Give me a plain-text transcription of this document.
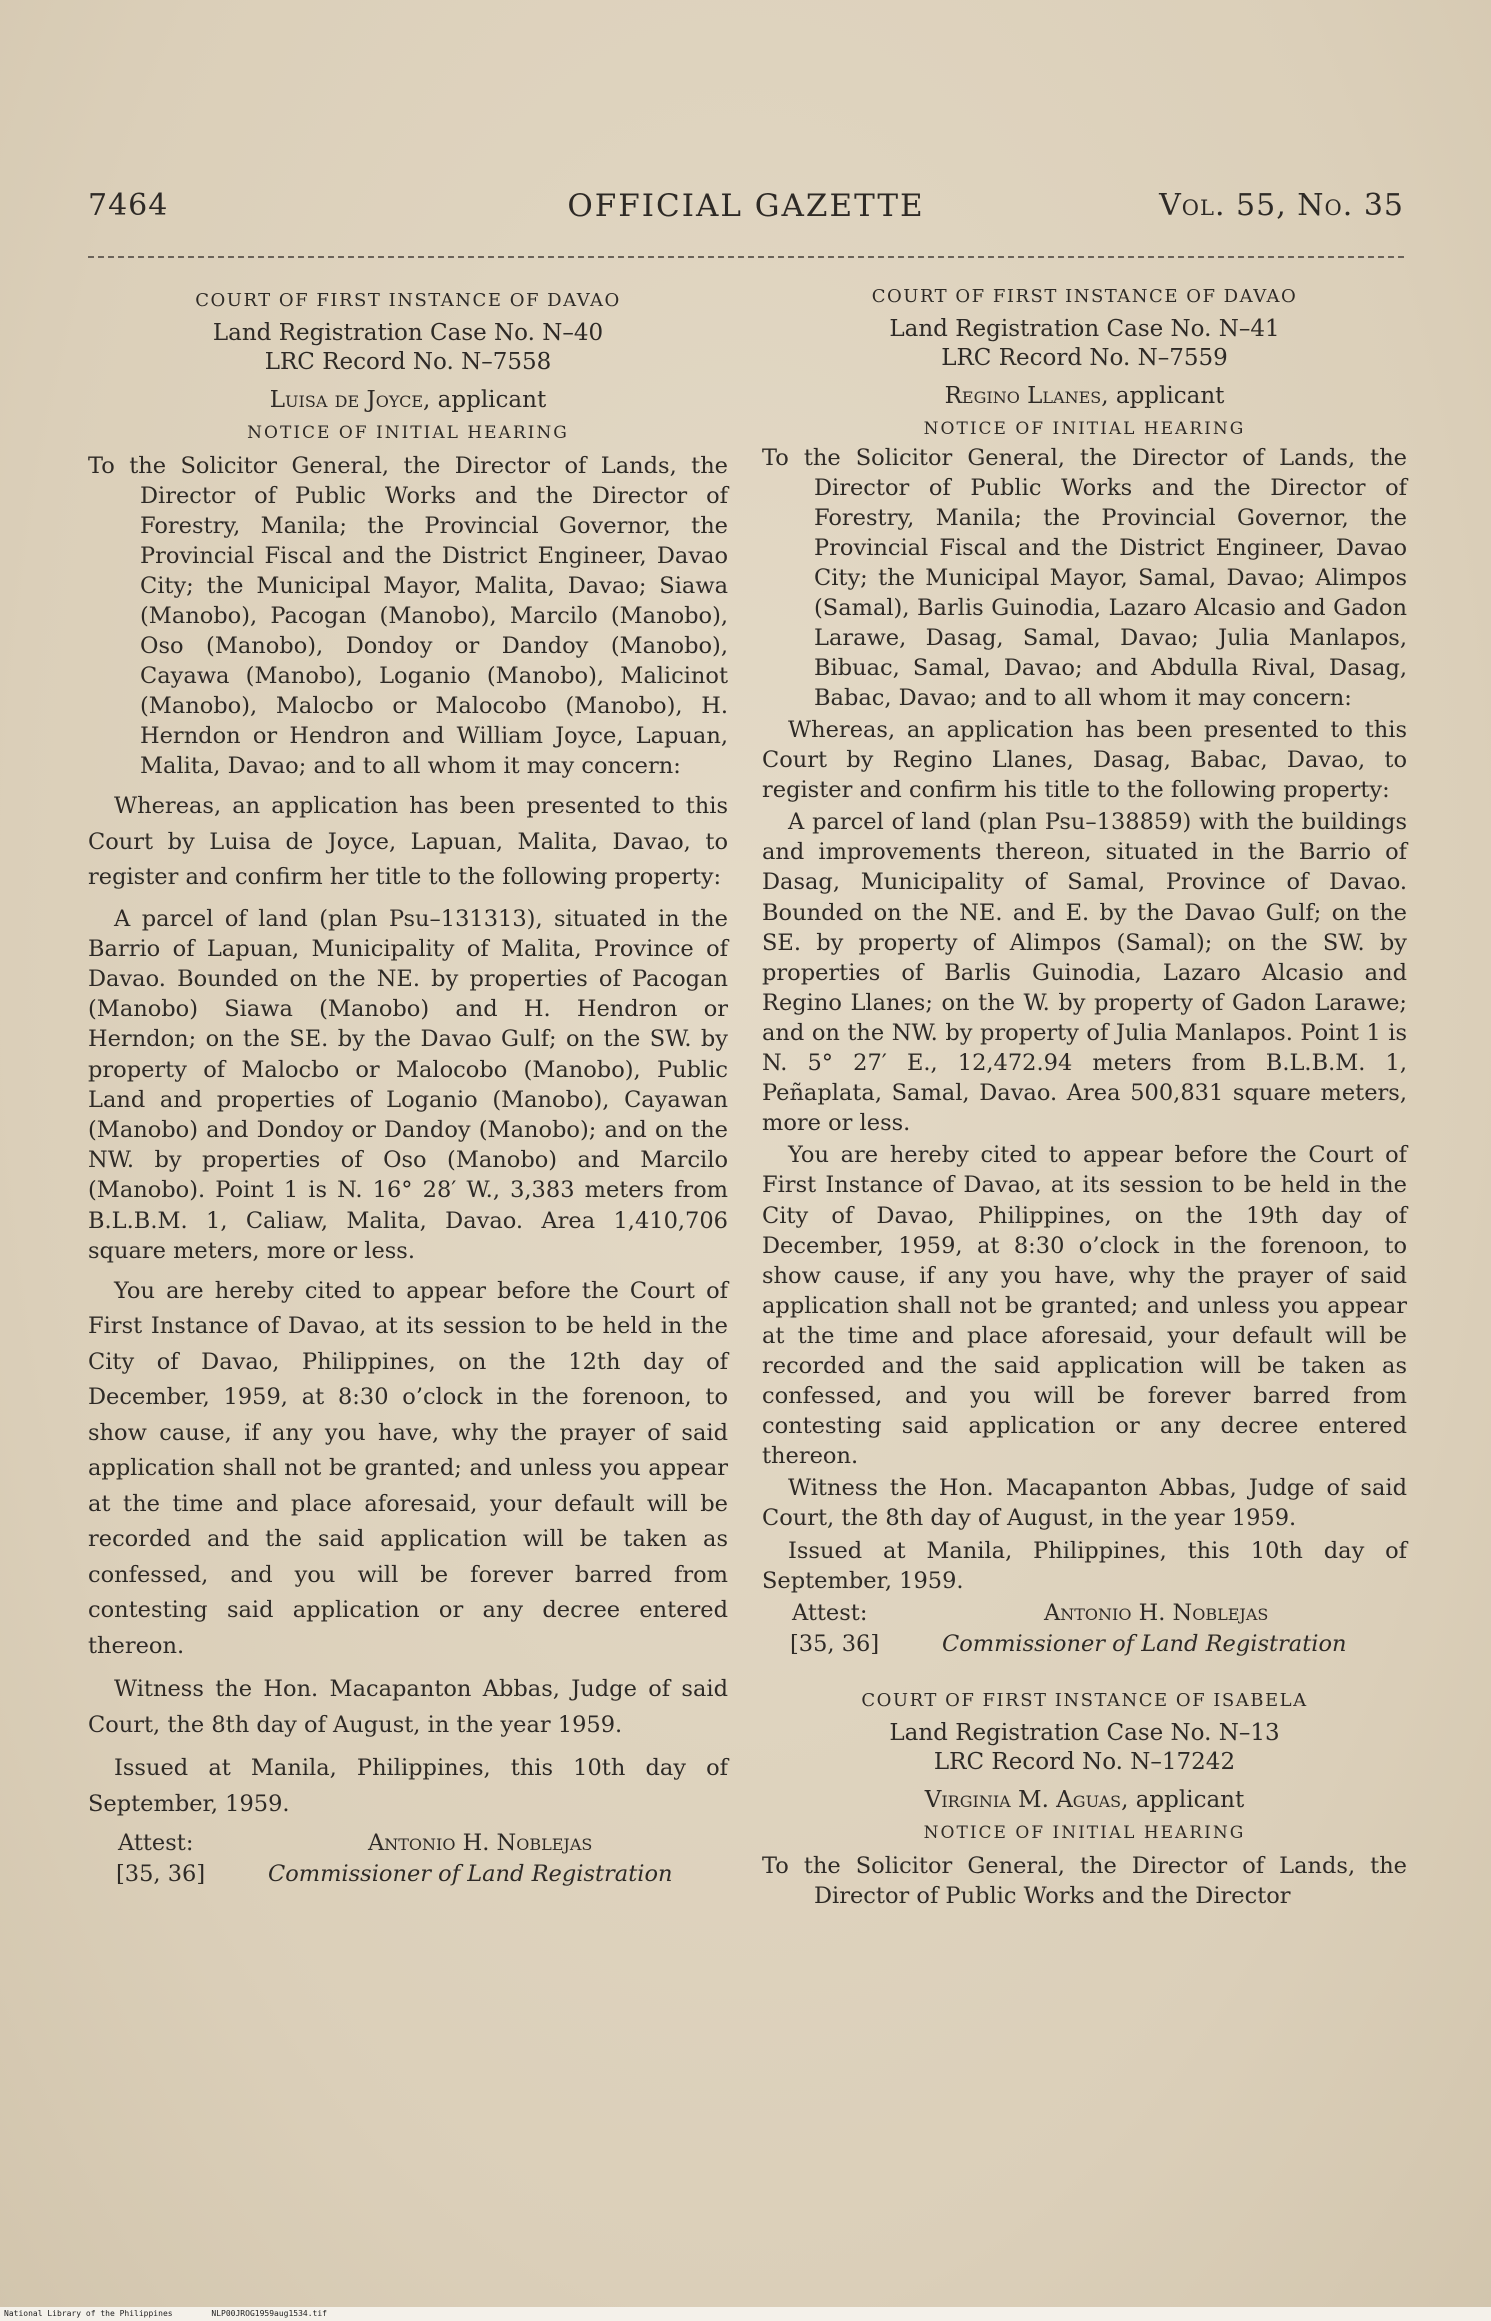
7464	OFFICIAL GAZETTE	Vol. 55, No. 35
COURT OF FIRST INSTANCE OF DAVAO
Land Registration Case No. N–40
LRC Record No. N–7558
Luisa de Joyce, applicant
NOTICE OF INITIAL HEARING

To the Solicitor General, the Director of Lands, the Director of Public Works and the Director of Forestry, Manila; the Provincial Governor, the Provincial Fiscal and the District Engineer, Davao City; the Municipal Mayor, Malita, Davao; Siawa (Manobo), Pacogan (Manobo), Marcilo (Manobo), Oso (Manobo), Dondoy or Dandoy (Manobo), Cayawa (Manobo), Loganio (Manobo), Malicinot (Manobo), Malocbo or Malocobo (Manobo), H. Herndon or Hendron and William Joyce, Lapuan, Malita, Davao; and to all whom it may concern:

Whereas, an application has been presented to this Court by Luisa de Joyce, Lapuan, Malita, Davao, to register and confirm her title to the following property:

A parcel of land (plan Psu–131313), situated in the Barrio of Lapuan, Municipality of Malita, Province of Davao. Bounded on the NE. by properties of Pacogan (Manobo) Siawa (Manobo) and H. Hendron or Herndon; on the SE. by the Davao Gulf; on the SW. by property of Malocbo or Malocobo (Manobo), Public Land and properties of Loganio (Manobo), Cayawan (Manobo) and Dondoy or Dandoy (Manobo); and on the NW. by properties of Oso (Manobo) and Marcilo (Manobo). Point 1 is N. 16° 28′ W., 3,383 meters from B.L.B.M. 1, Caliaw, Malita, Davao. Area 1,410,706 square meters, more or less.

You are hereby cited to appear before the Court of First Instance of Davao, at its session to be held in the City of Davao, Philippines, on the 12th day of December, 1959, at 8:30 o’clock in the forenoon, to show cause, if any you have, why the prayer of said application shall not be granted; and unless you appear at the time and place aforesaid, your default will be recorded and the said application will be taken as confessed, and you will be forever barred from contesting said application or any decree entered thereon.

Witness the Hon. Macapanton Abbas, Judge of said Court, the 8th day of August, in the year 1959.

Issued at Manila, Philippines, this 10th day of September, 1959.

Attest:
[35, 36]
Antonio H. Noblejas
Commissioner of Land Registration
COURT OF FIRST INSTANCE OF DAVAO
Land Registration Case No. N–41
LRC Record No. N–7559
Regino Llanes, applicant
NOTICE OF INITIAL HEARING

To the Solicitor General, the Director of Lands, the Director of Public Works and the Director of Forestry, Manila; the Provincial Governor, the Provincial Fiscal and the District Engineer, Davao City; the Municipal Mayor, Samal, Davao; Alimpos (Samal), Barlis Guinodia, Lazaro Alcasio and Gadon Larawe, Dasag, Samal, Davao; Julia Manlapos, Bibuac, Samal, Davao; and Abdulla Rival, Dasag, Babac, Davao; and to all whom it may concern:

Whereas, an application has been presented to this Court by Regino Llanes, Dasag, Babac, Davao, to register and confirm his title to the following property:

A parcel of land (plan Psu–138859) with the buildings and improvements thereon, situated in the Barrio of Dasag, Municipality of Samal, Province of Davao. Bounded on the NE. and E. by the Davao Gulf; on the SE. by property of Alimpos (Samal); on the SW. by properties of Barlis Guinodia, Lazaro Alcasio and Regino Llanes; on the W. by property of Gadon Larawe; and on the NW. by property of Julia Manlapos. Point 1 is N. 5° 27′ E., 12,472.94 meters from B.L.B.M. 1, Peñaplata, Samal, Davao. Area 500,831 square meters, more or less.

You are hereby cited to appear before the Court of First Instance of Davao, at its session to be held in the City of Davao, Philippines, on the 19th day of December, 1959, at 8:30 o’clock in the forenoon, to show cause, if any you have, why the prayer of said application shall not be granted; and unless you appear at the time and place aforesaid, your default will be recorded and the said application will be taken as confessed, and you will be forever barred from contesting said application or any decree entered thereon.

Witness the Hon. Macapanton Abbas, Judge of said Court, the 8th day of August, in the year 1959.

Issued at Manila, Philippines, this 10th day of September, 1959.

Attest:
[35, 36]
Antonio H. Noblejas
Commissioner of Land Registration
COURT OF FIRST INSTANCE OF ISABELA
Land Registration Case No. N–13
LRC Record No. N–17242
Virginia M. Aguas, applicant
NOTICE OF INITIAL HEARING

To the Solicitor General, the Director of Lands, the Director of Public Works and the Director

National Library of the Philippines	NLP00JROG1959aug1534.tif
